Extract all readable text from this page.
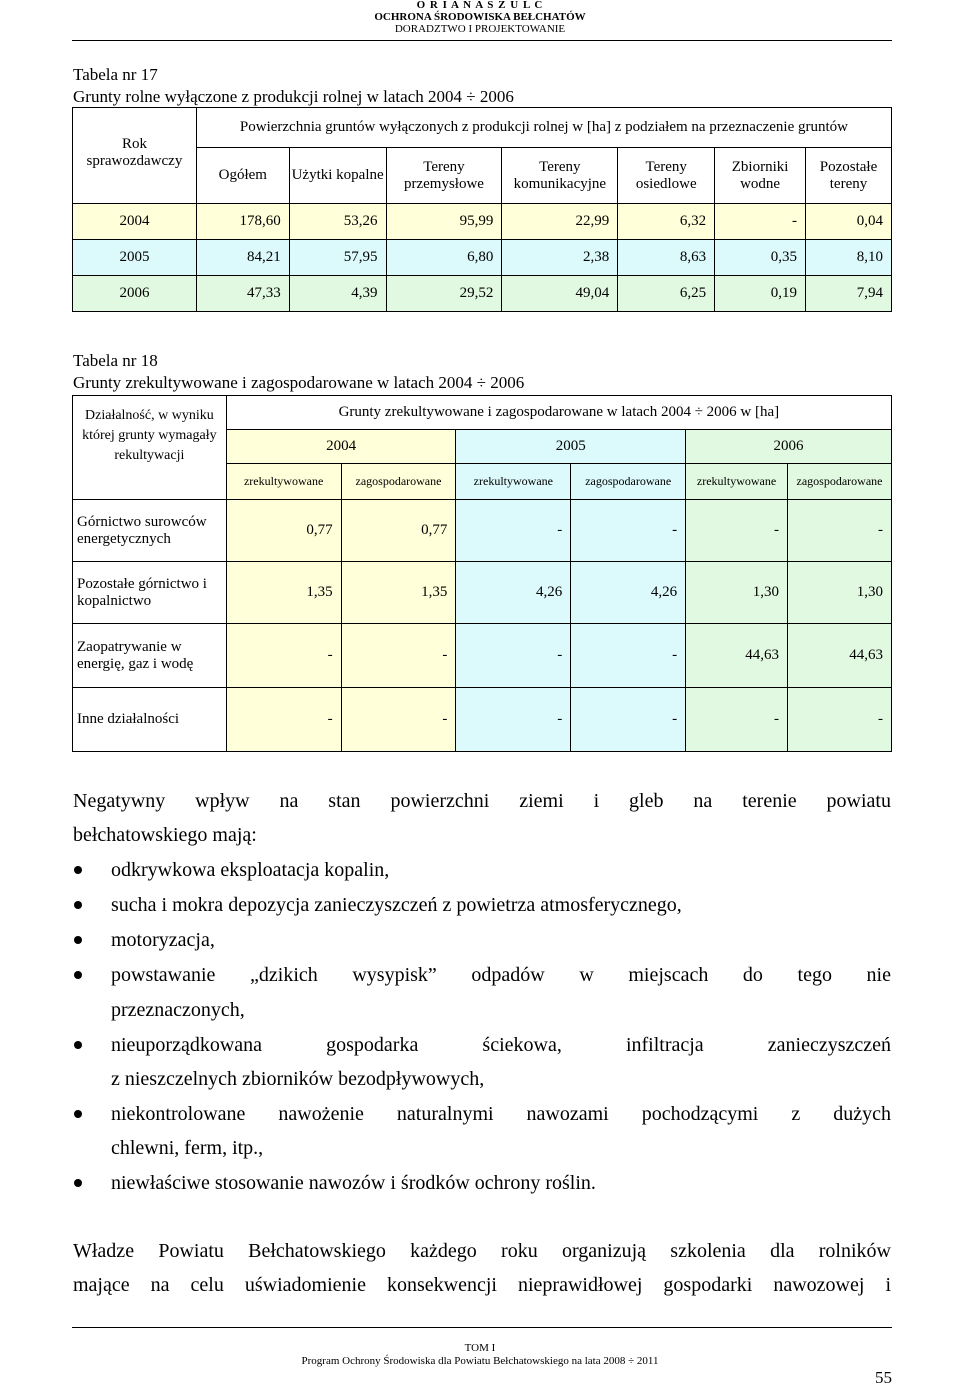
O R I A N A S Z U L C
OCHRONA ŚRODOWISKA BEŁCHATÓW
DORADZTWO I PROJEKTOWANIE
Tabela nr 17
Grunty rolne wyłączone z produkcji rolnej w latach 2004 ÷ 2006
Rok sprawozdawczy	Powierzchnia gruntów wyłączonych z produkcji rolnej w [ha] z podziałem na przeznaczenie gruntów						
	Ogółem	Użytki kopalne	Tereny przemysłowe	Tereny komunikacyjne	Tereny osiedlowe	Zbiorniki wodne	Pozostałe tereny
2004	178,60	53,26	95,99	22,99	6,32	-	0,04
2005	84,21	57,95	6,80	2,38	8,63	0,35	8,10
2006	47,33	4,39	29,52	49,04	6,25	0,19	7,94
Tabela nr 18
Grunty zrekultywowane i zagospodarowane w latach 2004 ÷ 2006
Działalność, w wyniku której grunty wymagały rekultywacji	Grunty zrekultywowane i zagospodarowane w latach 2004 ÷ 2006 w [ha]					
	2004		2005		2006	
	zrekultywowane	zagospodarowane	zrekultywowane	zagospodarowane	zrekultywowane	zagospodarowane
Górnictwo surowców energetycznych	0,77	0,77	-	-	-	-
Pozostałe górnictwo i kopalnictwo	1,35	1,35	4,26	4,26	1,30	1,30
Zaopatrywanie w energię, gaz i wodę	-	-	-	-	44,63	44,63
Inne działalności	-	-	-	-	-	-
Negatywny wpływ na stan powierzchni ziemi i gleb na terenie powiatu
bełchatowskiego mają:
odkrywkowa eksploatacja kopalin,
sucha i mokra depozycja zanieczyszczeń z powietrza atmosferycznego,
motoryzacja,
powstawanie „dzikich wysypisk” odpadów w miejscach do tego nie
przeznaczonych,
nieuporządkowana gospodarka ściekowa, infiltracja zanieczyszczeń
z nieszczelnych zbiorników bezodpływowych,
niekontrolowane nawożenie naturalnymi nawozami pochodzącymi z dużych
chlewni, ferm, itp.,
niewłaściwe stosowanie nawozów i środków ochrony roślin.
Władze Powiatu Bełchatowskiego każdego roku organizują szkolenia dla rolników
mające na celu uświadomienie konsekwencji nieprawidłowej gospodarki nawozowej i
TOM I
Program Ochrony Środowiska dla Powiatu Bełchatowskiego na lata 2008 ÷ 2011
55
